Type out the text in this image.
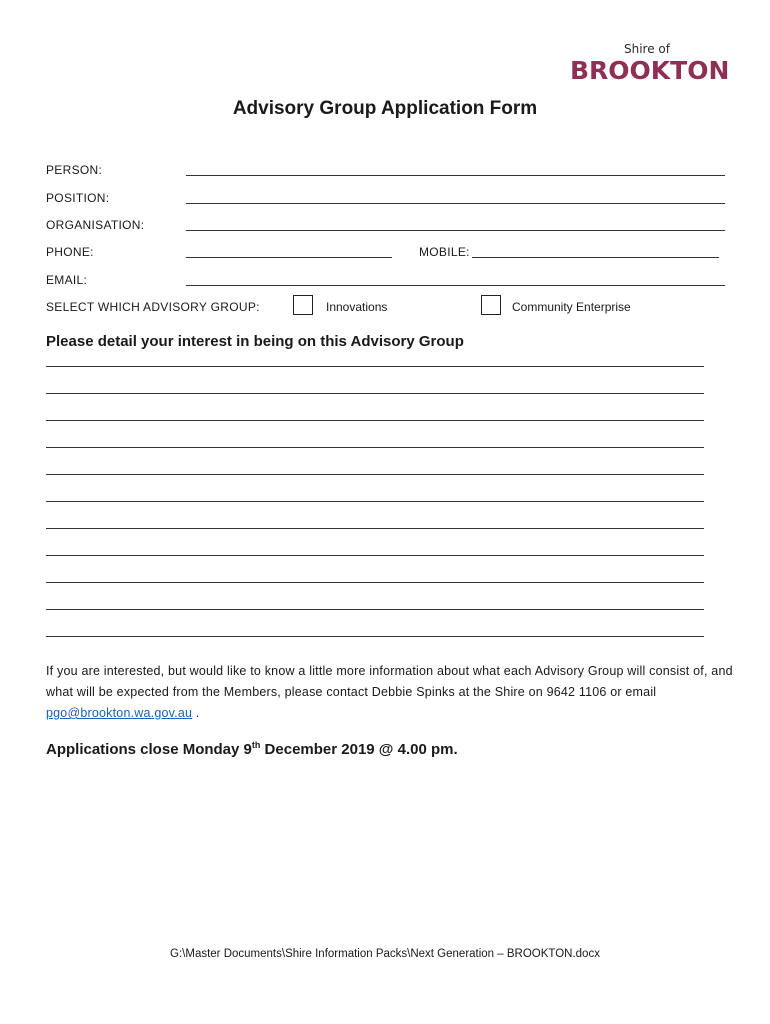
Shire of
BROOKTON
Advisory Group Application Form
PERSON:
POSITION:
ORGANISATION:
PHONE:	MOBILE:
EMAIL:
SELECT WHICH ADVISORY GROUP:	Innovations	Community Enterprise
Please detail your interest in being on this Advisory Group
If you are interested, but would like to know a little more information about what each Advisory Group will consist of, and what will be expected from the Members, please contact Debbie Spinks at the Shire on 9642 1106 or email pgo@brookton.wa.gov.au .
Applications close Monday 9th December 2019 @ 4.00 pm.
G:\Master Documents\Shire Information Packs\Next Generation – BROOKTON.docx
